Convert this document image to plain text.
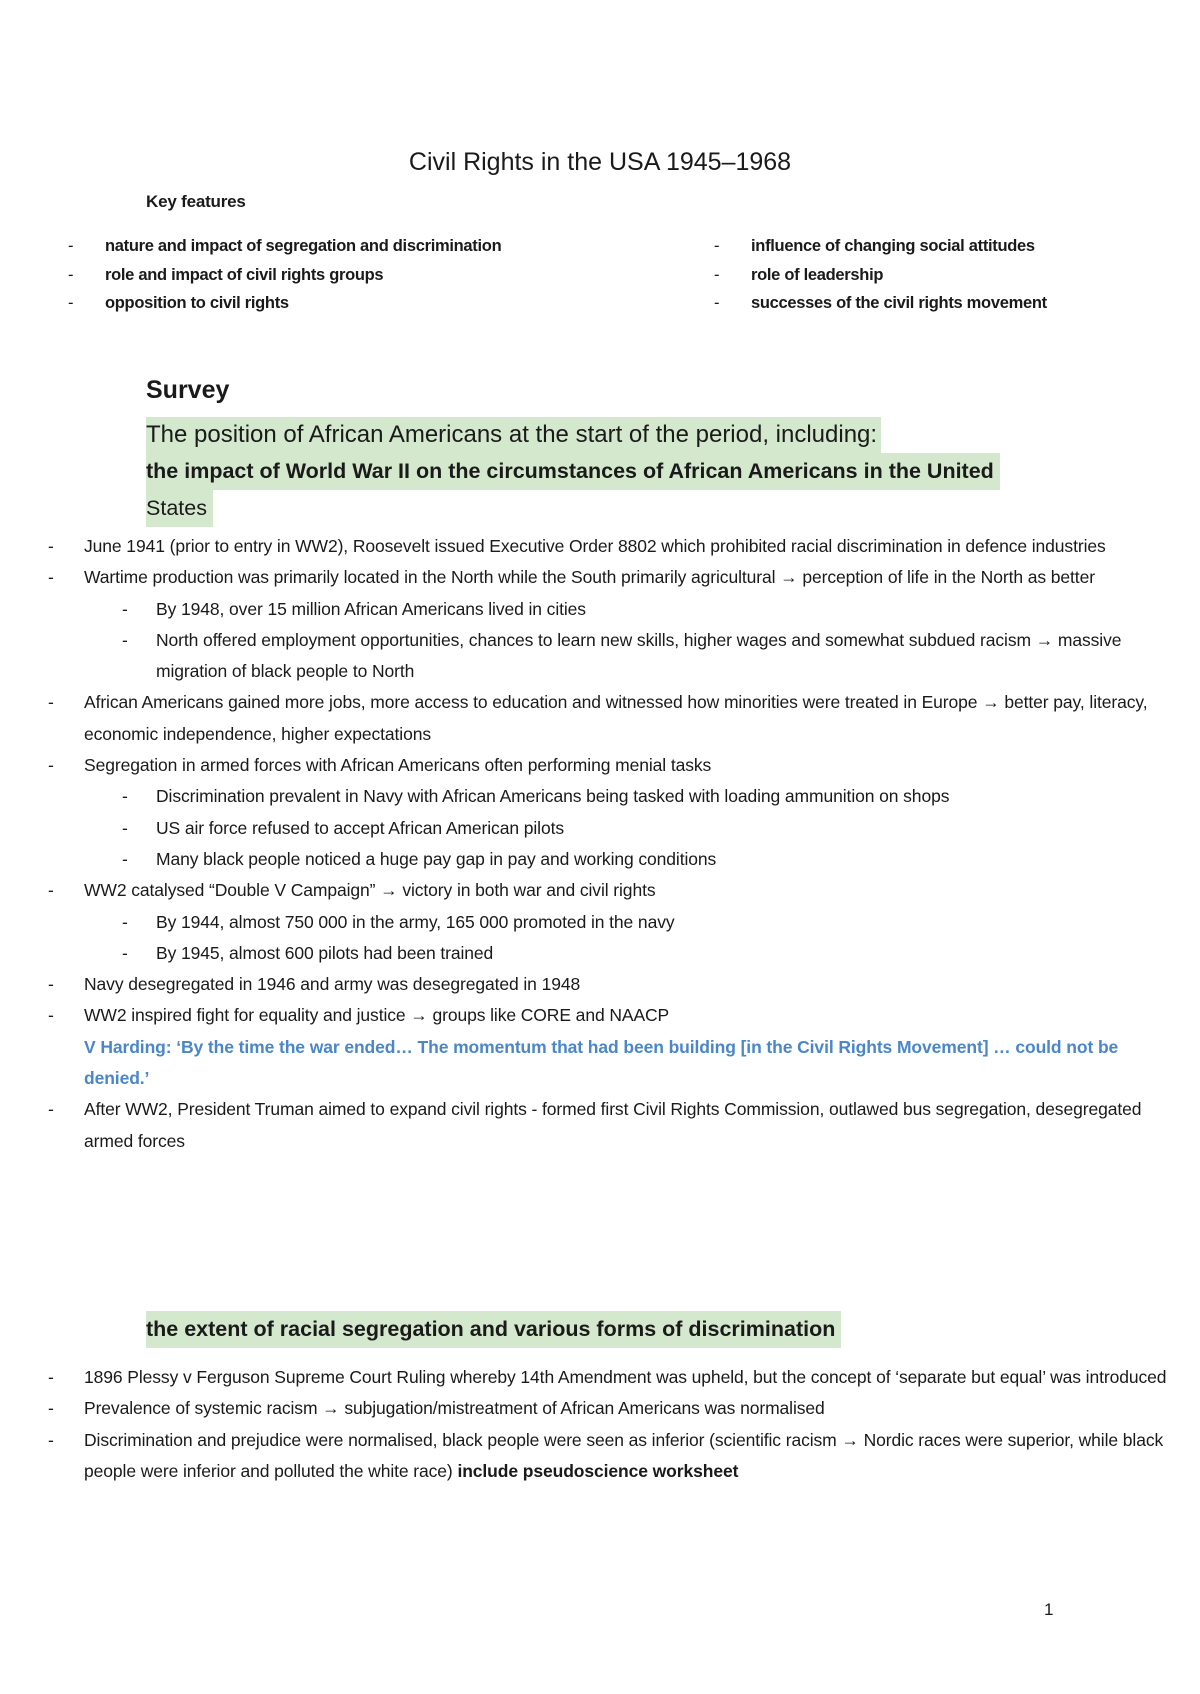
Civil Rights in the USA 1945–1968
Key features
- nature and impact of segregation and discrimination
- role and impact of civil rights groups
- opposition to civil rights
- influence of changing social attitudes
- role of leadership
- successes of the civil rights movement
Survey
The position of African Americans at the start of the period, including:
the impact of World War II on the circumstances of African Americans in the United
States
- June 1941 (prior to entry in WW2), Roosevelt issued Executive Order 8802 which prohibited racial discrimination in defence industries
- Wartime production was primarily located in the North while the South primarily agricultural → perception of life in the North as better
- By 1948, over 15 million African Americans lived in cities
- North offered employment opportunities, chances to learn new skills, higher wages and somewhat subdued racism → massive migration of black people to North
- African Americans gained more jobs, more access to education and witnessed how minorities were treated in Europe → better pay, literacy, economic independence, higher expectations
- Segregation in armed forces with African Americans often performing menial tasks
- Discrimination prevalent in Navy with African Americans being tasked with loading ammunition on shops
- US air force refused to accept African American pilots
- Many black people noticed a huge pay gap in pay and working conditions
- WW2 catalysed “Double V Campaign” → victory in both war and civil rights
- By 1944, almost 750 000 in the army, 165 000 promoted in the navy
- By 1945, almost 600 pilots had been trained
- Navy desegregated in 1946 and army was desegregated in 1948
- WW2 inspired fight for equality and justice → groups like CORE and NAACP
V Harding: ‘By the time the war ended… The momentum that had been building [in the Civil Rights Movement] … could not be denied.’
- After WW2, President Truman aimed to expand civil rights - formed first Civil Rights Commission, outlawed bus segregation, desegregated armed forces
the extent of racial segregation and various forms of discrimination
- 1896 Plessy v Ferguson Supreme Court Ruling whereby 14th Amendment was upheld, but the concept of ‘separate but equal’ was introduced
- Prevalence of systemic racism → subjugation/mistreatment of African Americans was normalised
- Discrimination and prejudice were normalised, black people were seen as inferior (scientific racism → Nordic races were superior, while black people were inferior and polluted the white race) include pseudoscience worksheet
1
